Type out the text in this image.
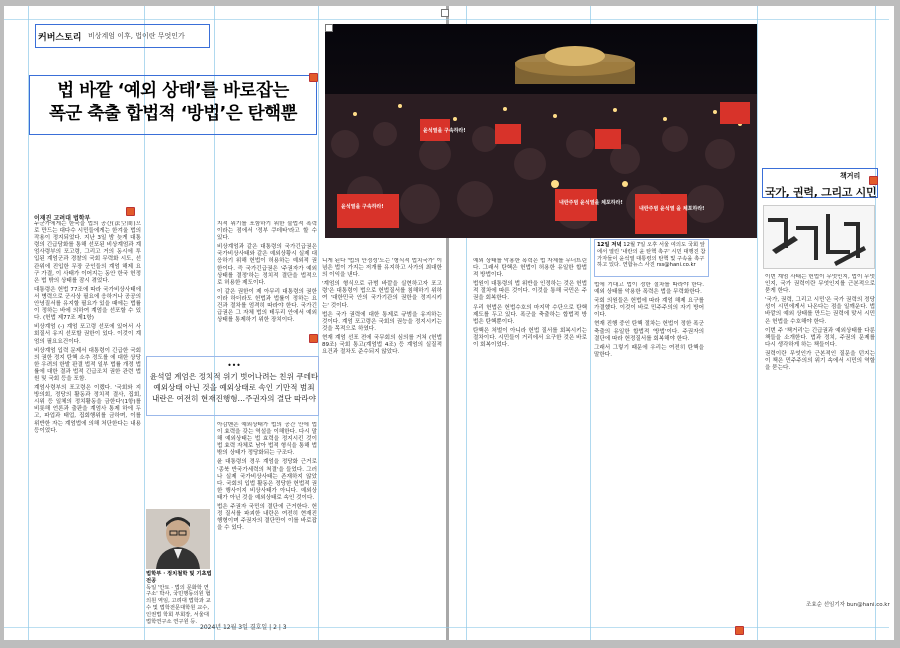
커버스토리 비상계엄 이후, 법이란 무엇인가
법 바깥 ‘예외 상태’를 바로잡는
폭군 축출 합법적 ‘방법’은 탄핵뿐
이재진 고려대 법학부

누군가에게는 한국을 법의 공간(法空間)으로 만드는 대다수 시민들에게는 한겨울 법의 작용이 정지되었다. 지난 3일 밤 늦게 대통령의 긴급담화를 통해 선포된 비상계엄과 계엄사령부의 포고령, 그리고 거의 동시에 투입된 계엄군과 경찰의 국회 무력화 시도, 선관위에 진입한 무장 군인들의 계엄 해제 요구 가결, 이 사태가 이어지는 동안 한국 헌정은 법 밖의 상태를 잠시 겪었다.

대통령은 헌법 77조에 따라 국가비상사태에서 병력으로 군사상 필요에 응하거나 공공의 안녕질서를 유지할 필요가 있을 때에는 법률이 정하는 바에 의하여 계엄을 선포할 수 있다. (헌법 제77조 제1항)

비상계엄 (-) 계엄 포고령 선포에 있어서 사회질서 유지 선포할 권한이 있다. 이것이 계엄의 필요요건이다.

비상계엄 입력 문제서 대통령이 긴급한 국회의 권한 정지 탄핵 소추 정도를 에 대한 상당한 우려의 한발 판결 법적 일부 법률 개정 법률에 대한 결과 법적 긴급조치 권한 관련 법원 및 국회 등을 포함.

계엄사령부의 포고령은 이랬다. '국회와 지방의회, 정당의 활동과 정치적 결사, 집회, 시위 등 일체의 정치활동을 금한다'(1항)를 비롯해 언론과 출판을 계엄사 통제 하에 두고, 파업과 태업, 집회행위를 금하며, 이를 위반한 자는 계엄법에 의해 처단한다는 내용 등이었다.

지적 위기를 포함하기 위한 불법적 폭력이라는 점에서 '정부 쿠데타'라고 할 수 있다.

비상계엄과 같은 대통령의 국가긴급권은 국가비상사태와 같은 예외상황시 실제 대응하기 위해 헌법이 허용하는 예외적 권한이다. 즉 국가긴급권은 '주권자가 예외상태를 결정'하는 정치적 결단을 법적으로 허용한 제도이다.

이 같은 권한이 제 아무리 대통령의 권한이라 하더라도 헌법과 법률이 정하는 요건과 절차를 엄격히 따라야 한다. 국가긴급권은 그 자체 법의 테두리 안에서 예외상태를 통제하기 위한 장치이다.

•••
윤석열 계엄은 정치적 위기 벗어나려는 친위 쿠데타
예외상태 아닌 것을 예외상태로 속인 기만적 범죄
내란은 여전히 현재진행형…주권자의 결단 따라야

아감벤은 예외상태가 법의 공간 안에 법이 효력을 갖는 역설을 이해한다. 다시 말해 예외상태는 법 효력을 정지시킨 것이 법 효력 자체로 남아 법적 형식을 통해 법 밖의 상태가 정당화되는 구조다.

윤 대통령의 경우 계엄을 정당화 근거로 '종북 반국가세력의 척결'을 들었다. 그러나 실제 국가비상사태는 존재하지 않았다. 국회의 입법 활동은 정당한 헌법적 권한 행사이지 비상사태가 아니다. 예외상태가 아닌 것을 예외상태로 속인 것이다.

법은 주권자 국민의 결단에 근거한다. 헌정 질서를 파괴한 내란은 여전히 현재진행형이며 주권자의 결단만이 이를 바로잡을 수 있다.

법학부 · 정치철학 및 기초법 전공
독일 '안토 · 법의 문화학 연구소' 박사, 국민행동의원 협의원 역임, 고려대 법학과 교수 및 법학전문대학원 교수, 인권법 학회 부회장, 서울대 법학연구소 연구원 등.
윤석열을 구속하라!
윤석열을 구속하라!
내란주범 윤석열을 체포하라!
내란주범 윤석열 을 체포하라!

니게 된다 '법의 안정성'도는 '형식적 법치국가' 이념은 법이 가지는 저개를 유지하고 사가의 최대한의 이익을 낸다.

'계엄의 형식으로 규범 바깥을 실현하고자 포고령'은 대통령이 법으로 헌법질서를 침해하기 위하여 '대한민국 안의 국가기관의 권한을 정지시키는' 것이다.

법은 국가 권력에 대한 통제로 규범을 유지하는 것이다. 계엄 포고령은 국회의 권능을 정지시키는 것을 목적으로 하였다.

현재 계엄 선포 전에 국무회의 심의를 거쳐 (헌법 89조) 국회 통고(계엄법 4조) 등 계엄의 실질적 요건과 절차도 준수되지 않았다.

2024년 12월 3일 결호일 | 2 | 3

예외 상태를 악용한 폭력은 법 자체를 무너뜨린다. 그래서 탄핵은 헌법이 허용한 유일한 합법적 방법이다.

법원이 대통령의 법 위반을 인정하는 것은 헌법적 절차에 따른 것이다. 이것을 통해 국민은 주권을 회복한다.

우리 헌법은 헌법수호의 마지막 수단으로 탄핵제도를 두고 있다. 폭군을 축출하는 합법적 방법은 탄핵뿐이다.

탄핵은 처벌이 아니라 헌법 질서를 회복시키는 절차이다. 시민들이 거리에서 요구한 것은 바로 이 회복이었다.

12일 저녁 12월 7일 오후 서울 여의도 국회 앞에서 열린 '내란의 윤 탄핵 촉구' 시민 대행진 참가자들이 윤석열 대통령의 탄핵 및 구속을 촉구하고 있다. 연합뉴스 사진 rss@hani.co.kr

법에 기대고 법이 정한 절차를 따라야 한다. 예외 상태를 악용한 폭력은 법을 무력화한다.

국회 의원들은 헌법에 따라 계엄 해제 요구를 가결했다. 이것이 바로 민주주의의 자기 방어이다.

현재 진행 중인 탄핵 절차는 헌법이 정한 폭군 축출의 유일한 합법적 '방법'이다. 주권자의 결단에 따라 헌정질서를 회복해야 한다.

그래서 그렇기 때문에 우리는 여전히 탄핵을 말한다.

책거리
국가, 권력, 그리고 시민

이번 계엄 사태는 헌법이 무엇인지, 법이 무엇인지, 국가 권력이란 무엇인지를 근본적으로 묻게 한다.

'국가, 권력, 그리고 시민'은 국가 권력의 정당성이 시민에게서 나온다는 점을 일깨운다. 법 바깥의 예외 상태를 만드는 권력에 맞서 시민은 헌법을 수호해야 한다.

이번 주 '책거리'는 긴급권과 예외상태를 다룬 책들을 소개한다. 법과 정치, 주권의 문제를 다시 생각하게 하는 책들이다.

권력이란 무엇인가 근본적인 질문을 던지는 이 책은 민주주의의 위기 속에서 시민의 역할을 묻는다.

조효순 선임기자 bun@hani.co.kr
